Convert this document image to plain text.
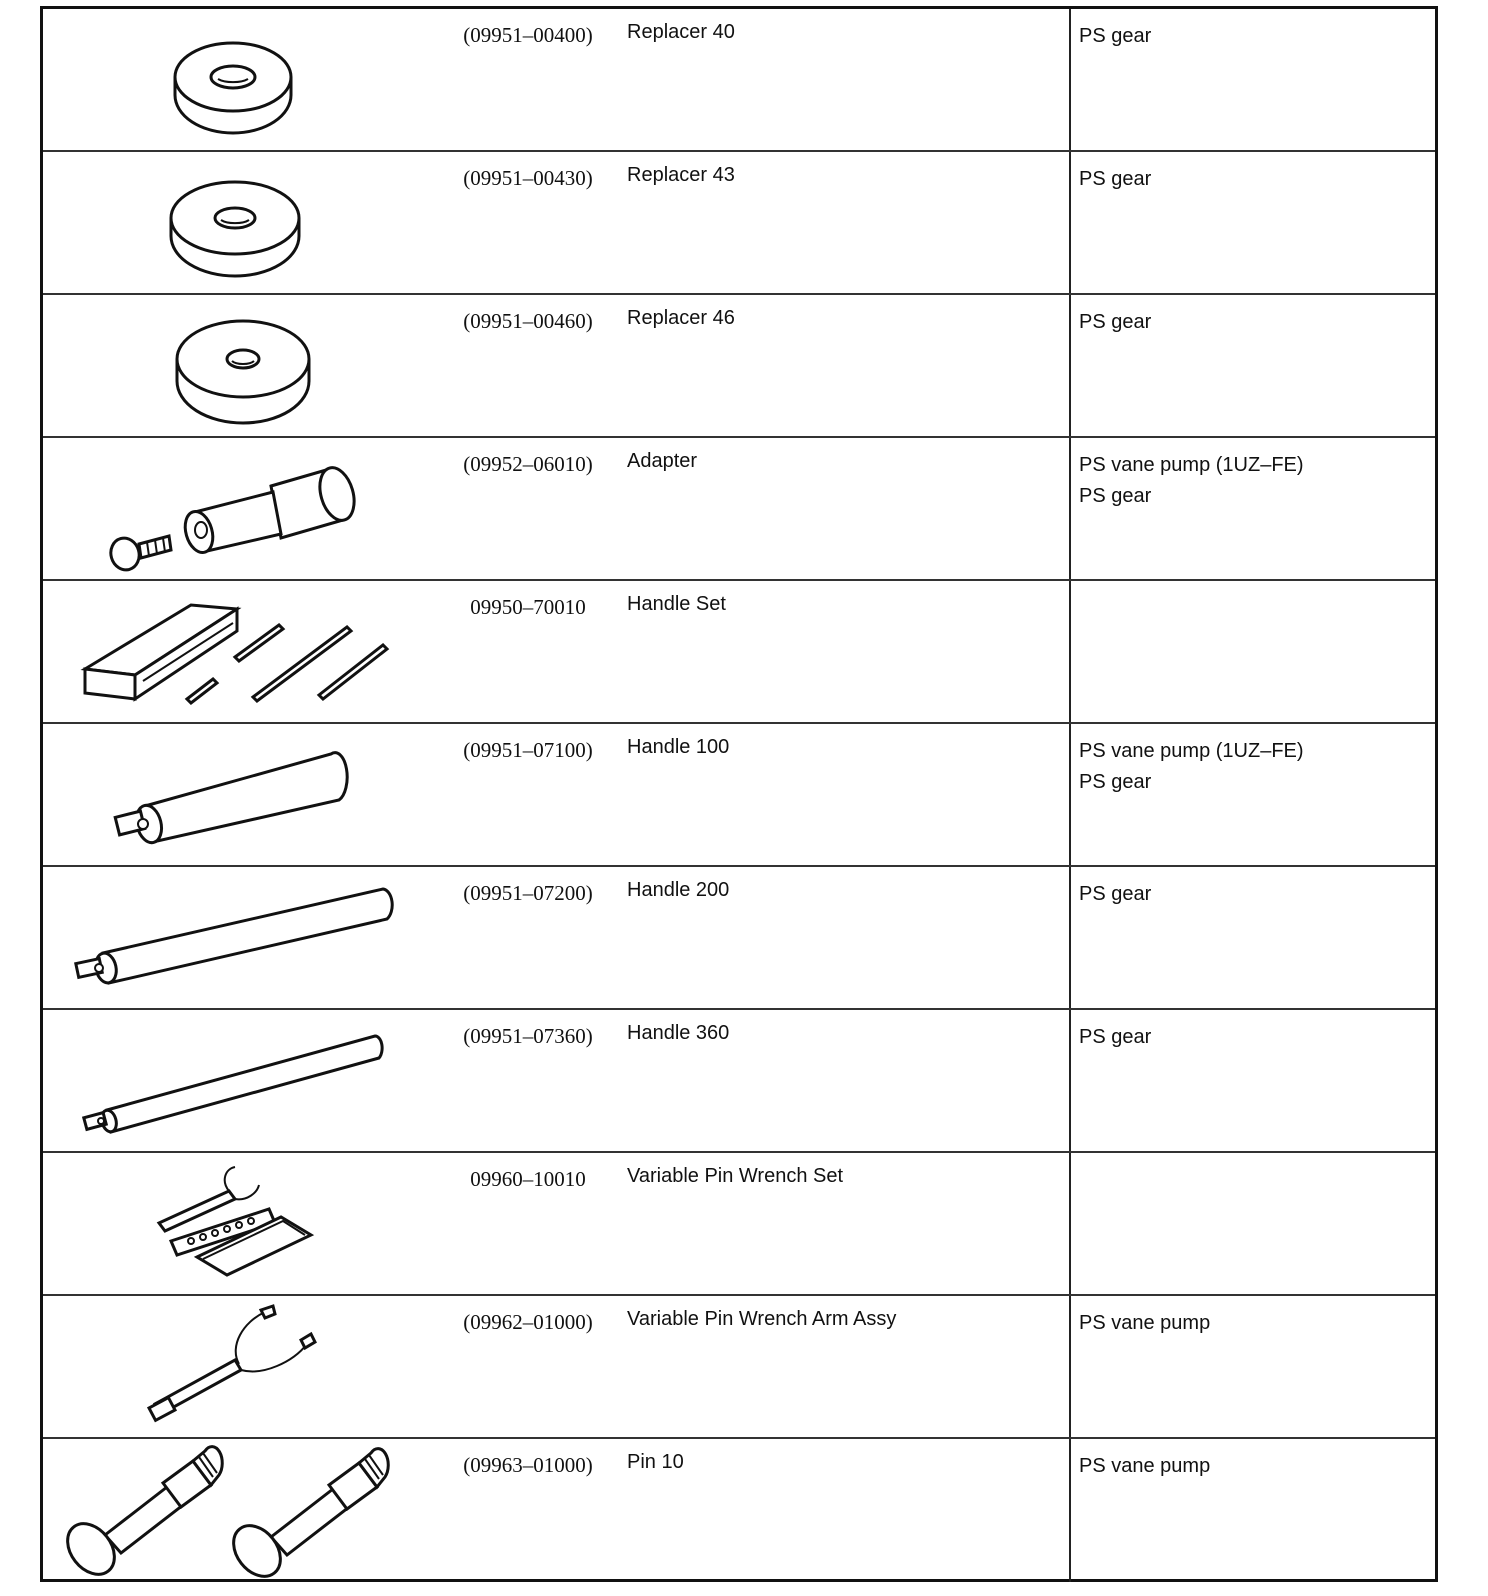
(09951–00400)	Replacer 40	PS gear
(09951–00430)	Replacer 43	PS gear
(09951–00460)	Replacer 46	PS gear
(09952–06010)	Adapter	PS vane pump (1UZ–FE)
PS gear
09950–70010	Handle Set
(09951–07100)	Handle 100	PS vane pump (1UZ–FE)
PS gear
(09951–07200)	Handle 200	PS gear
(09951–07360)	Handle 360	PS gear
09960–10010	Variable Pin Wrench Set
(09962–01000)	Variable Pin Wrench Arm Assy	PS vane pump
(09963–01000)	Pin 10	PS vane pump
